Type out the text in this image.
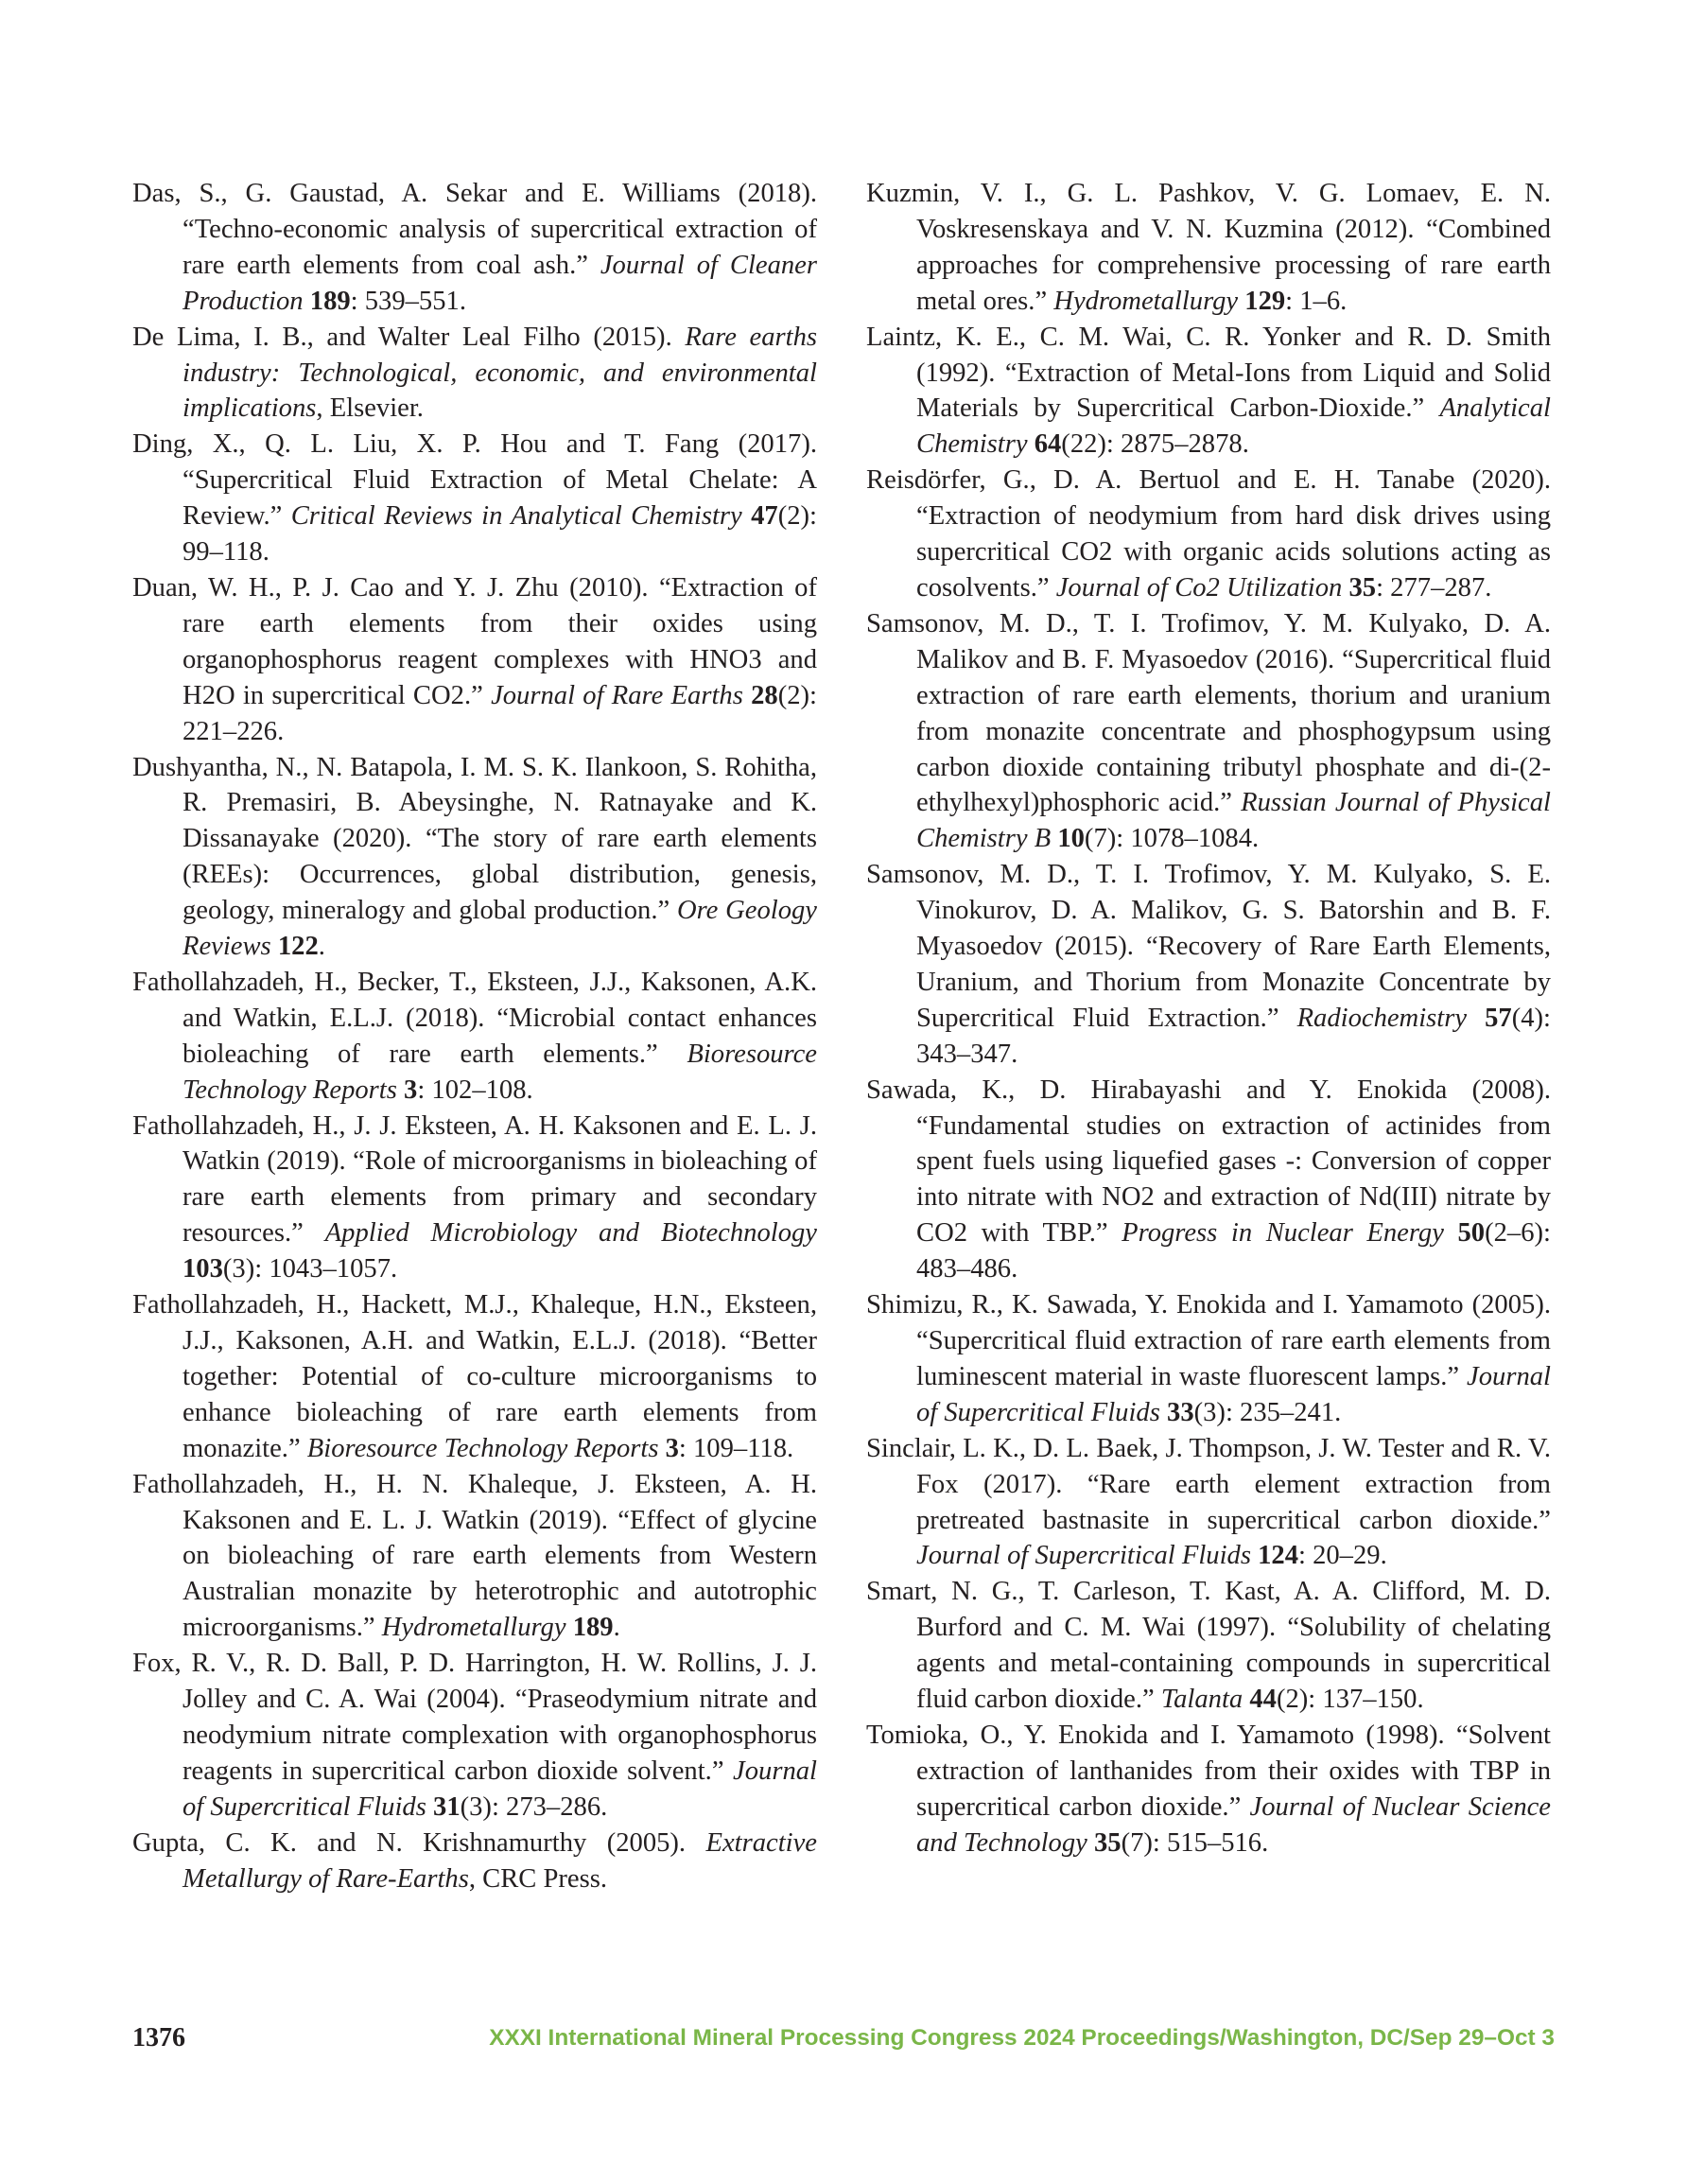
Das, S., G. Gaustad, A. Sekar and E. Williams (2018). “Techno-economic analysis of supercritical extraction of rare earth elements from coal ash.” Journal of Cleaner Production 189: 539–551.

De Lima, I. B., and Walter Leal Filho (2015). Rare earths industry: Technological, economic, and environmental implications, Elsevier.

Ding, X., Q. L. Liu, X. P. Hou and T. Fang (2017). “Supercritical Fluid Extraction of Metal Chelate: A Review.” Critical Reviews in Analytical Chemistry 47(2): 99–118.

Duan, W. H., P. J. Cao and Y. J. Zhu (2010). “Extraction of rare earth elements from their oxides using organophosphorus reagent complexes with HNO3 and H2O in supercritical CO2.” Journal of Rare Earths 28(2): 221–226.

Dushyantha, N., N. Batapola, I. M. S. K. Ilankoon, S. Rohitha, R. Premasiri, B. Abeysinghe, N. Ratnayake and K. Dissanayake (2020). “The story of rare earth elements (REEs): Occurrences, global distribution, genesis, geology, mineralogy and global production.” Ore Geology Reviews 122.

Fathollahzadeh, H., Becker, T., Eksteen, J.J., Kaksonen, A.K. and Watkin, E.L.J. (2018). “Microbial contact enhances bioleaching of rare earth elements.” Bioresource Technology Reports 3: 102–108.

Fathollahzadeh, H., J. J. Eksteen, A. H. Kaksonen and E. L. J. Watkin (2019). “Role of microorganisms in bioleaching of rare earth elements from primary and secondary resources.” Applied Microbiology and Biotechnology 103(3): 1043–1057.

Fathollahzadeh, H., Hackett, M.J., Khaleque, H.N., Eksteen, J.J., Kaksonen, A.H. and Watkin, E.L.J. (2018). “Better together: Potential of co-culture microorganisms to enhance bioleaching of rare earth elements from monazite.” Bioresource Technology Reports 3: 109–118.

Fathollahzadeh, H., H. N. Khaleque, J. Eksteen, A. H. Kaksonen and E. L. J. Watkin (2019). “Effect of glycine on bioleaching of rare earth elements from Western Australian monazite by heterotrophic and autotrophic microorganisms.” Hydrometallurgy 189.

Fox, R. V., R. D. Ball, P. D. Harrington, H. W. Rollins, J. J. Jolley and C. A. Wai (2004). “Praseodymium nitrate and neodymium nitrate complexation with organophosphorus reagents in supercritical carbon dioxide solvent.” Journal of Supercritical Fluids 31(3): 273–286.

Gupta, C. K. and N. Krishnamurthy (2005). Extractive Metallurgy of Rare-Earths, CRC Press.

Kuzmin, V. I., G. L. Pashkov, V. G. Lomaev, E. N. Voskresenskaya and V. N. Kuzmina (2012). “Combined approaches for comprehensive processing of rare earth metal ores.” Hydrometallurgy 129: 1–6.

Laintz, K. E., C. M. Wai, C. R. Yonker and R. D. Smith (1992). “Extraction of Metal-Ions from Liquid and Solid Materials by Supercritical Carbon-Dioxide.” Analytical Chemistry 64(22): 2875–2878.

Reisdörfer, G., D. A. Bertuol and E. H. Tanabe (2020). “Extraction of neodymium from hard disk drives using supercritical CO2 with organic acids solutions acting as cosolvents.” Journal of Co2 Utilization 35: 277–287.

Samsonov, M. D., T. I. Trofimov, Y. M. Kulyako, D. A. Malikov and B. F. Myasoedov (2016). “Supercritical fluid extraction of rare earth elements, thorium and uranium from monazite concentrate and phosphogypsum using carbon dioxide containing tributyl phosphate and di-(2-ethylhexyl)phosphoric acid.” Russian Journal of Physical Chemistry B 10(7): 1078–1084.

Samsonov, M. D., T. I. Trofimov, Y. M. Kulyako, S. E. Vinokurov, D. A. Malikov, G. S. Batorshin and B. F. Myasoedov (2015). “Recovery of Rare Earth Elements, Uranium, and Thorium from Monazite Concentrate by Supercritical Fluid Extraction.” Radiochemistry 57(4): 343–347.

Sawada, K., D. Hirabayashi and Y. Enokida (2008). “Fundamental studies on extraction of actinides from spent fuels using liquefied gases -: Conversion of copper into nitrate with NO2 and extraction of Nd(III) nitrate by CO2 with TBP.” Progress in Nuclear Energy 50(2–6): 483–486.

Shimizu, R., K. Sawada, Y. Enokida and I. Yamamoto (2005). “Supercritical fluid extraction of rare earth elements from luminescent material in waste fluorescent lamps.” Journal of Supercritical Fluids 33(3): 235–241.

Sinclair, L. K., D. L. Baek, J. Thompson, J. W. Tester and R. V. Fox (2017). “Rare earth element extraction from pretreated bastnasite in supercritical carbon dioxide.” Journal of Supercritical Fluids 124: 20–29.

Smart, N. G., T. Carleson, T. Kast, A. A. Clifford, M. D. Burford and C. M. Wai (1997). “Solubility of chelating agents and metal-containing compounds in supercritical fluid carbon dioxide.” Talanta 44(2): 137–150.

Tomioka, O., Y. Enokida and I. Yamamoto (1998). “Solvent extraction of lanthanides from their oxides with TBP in supercritical carbon dioxide.” Journal of Nuclear Science and Technology 35(7): 515–516.

1376	XXXI International Mineral Processing Congress 2024 Proceedings/Washington, DC/Sep 29–Oct 3
